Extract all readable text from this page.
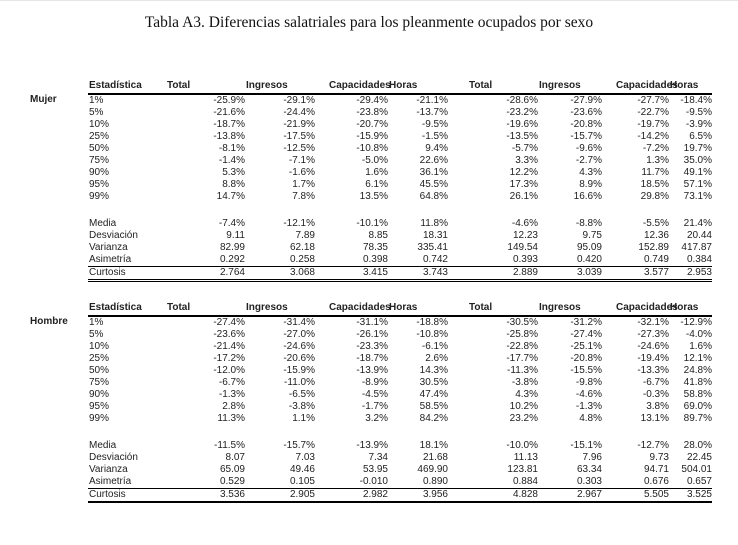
Tabla A3. Diferencias salatriales para los pleanmente ocupados por sexo
Mujer
Estadística	Total	Ingresos	Capacidades	Horas	Total	Ingresos	Capacidades	Horas
1%	-25.9%	-29.1%	-29.4%	-21.1%	-28.6%	-27.9%	-27.7%	-18.4%
5%	-21.6%	-24.4%	-23.8%	-13.7%	-23.2%	-23.6%	-22.7%	-9.5%
10%	-18.7%	-21.9%	-20.7%	-9.5%	-19.6%	-20.8%	-19.7%	-3.9%
25%	-13.8%	-17.5%	-15.9%	-1.5%	-13.5%	-15.7%	-14.2%	6.5%
50%	-8.1%	-12.5%	-10.8%	9.4%	-5.7%	-9.6%	-7.2%	19.7%
75%	-1.4%	-7.1%	-5.0%	22.6%	3.3%	-2.7%	1.3%	35.0%
90%	5.3%	-1.6%	1.6%	36.1%	12.2%	4.3%	11.7%	49.1%
95%	8.8%	1.7%	6.1%	45.5%	17.3%	8.9%	18.5%	57.1%
99%	14.7%	7.8%	13.5%	64.8%	26.1%	16.6%	29.8%	73.1%

Media	-7.4%	-12.1%	-10.1%	11.8%	-4.6%	-8.8%	-5.5%	21.4%
Desviación	9.11	7.89	8.85	18.31	12.23	9.75	12.36	20.44
Varianza	82.99	62.18	78.35	335.41	149.54	95.09	152.89	417.87
Asimetría	0.292	0.258	0.398	0.742	0.393	0.420	0.749	0.384
Curtosis	2.764	3.068	3.415	3.743	2.889	3.039	3.577	2.953
Hombre
Estadística	Total	Ingresos	Capacidades	Horas	Total	Ingresos	Capacidades	Horas
1%	-27.4%	-31.4%	-31.1%	-18.8%	-30.5%	-31.2%	-32.1%	-12.9%
5%	-23.6%	-27.0%	-26.1%	-10.8%	-25.8%	-27.4%	-27.3%	-4.0%
10%	-21.4%	-24.6%	-23.3%	-6.1%	-22.8%	-25.1%	-24.6%	1.6%
25%	-17.2%	-20.6%	-18.7%	2.6%	-17.7%	-20.8%	-19.4%	12.1%
50%	-12.0%	-15.9%	-13.9%	14.3%	-11.3%	-15.5%	-13.3%	24.8%
75%	-6.7%	-11.0%	-8.9%	30.5%	-3.8%	-9.8%	-6.7%	41.8%
90%	-1.3%	-6.5%	-4.5%	47.4%	4.3%	-4.6%	-0.3%	58.8%
95%	2.8%	-3.8%	-1.7%	58.5%	10.2%	-1.3%	3.8%	69.0%
99%	11.3%	1.1%	3.2%	84.2%	23.2%	4.8%	13.1%	89.7%

Media	-11.5%	-15.7%	-13.9%	18.1%	-10.0%	-15.1%	-12.7%	28.0%
Desviación	8.07	7.03	7.34	21.68	11.13	7.96	9.73	22.45
Varianza	65.09	49.46	53.95	469.90	123.81	63.34	94.71	504.01
Asimetría	0.529	0.105	-0.010	0.890	0.884	0.303	0.676	0.657
Curtosis	3.536	2.905	2.982	3.956	4.828	2.967	5.505	3.525
